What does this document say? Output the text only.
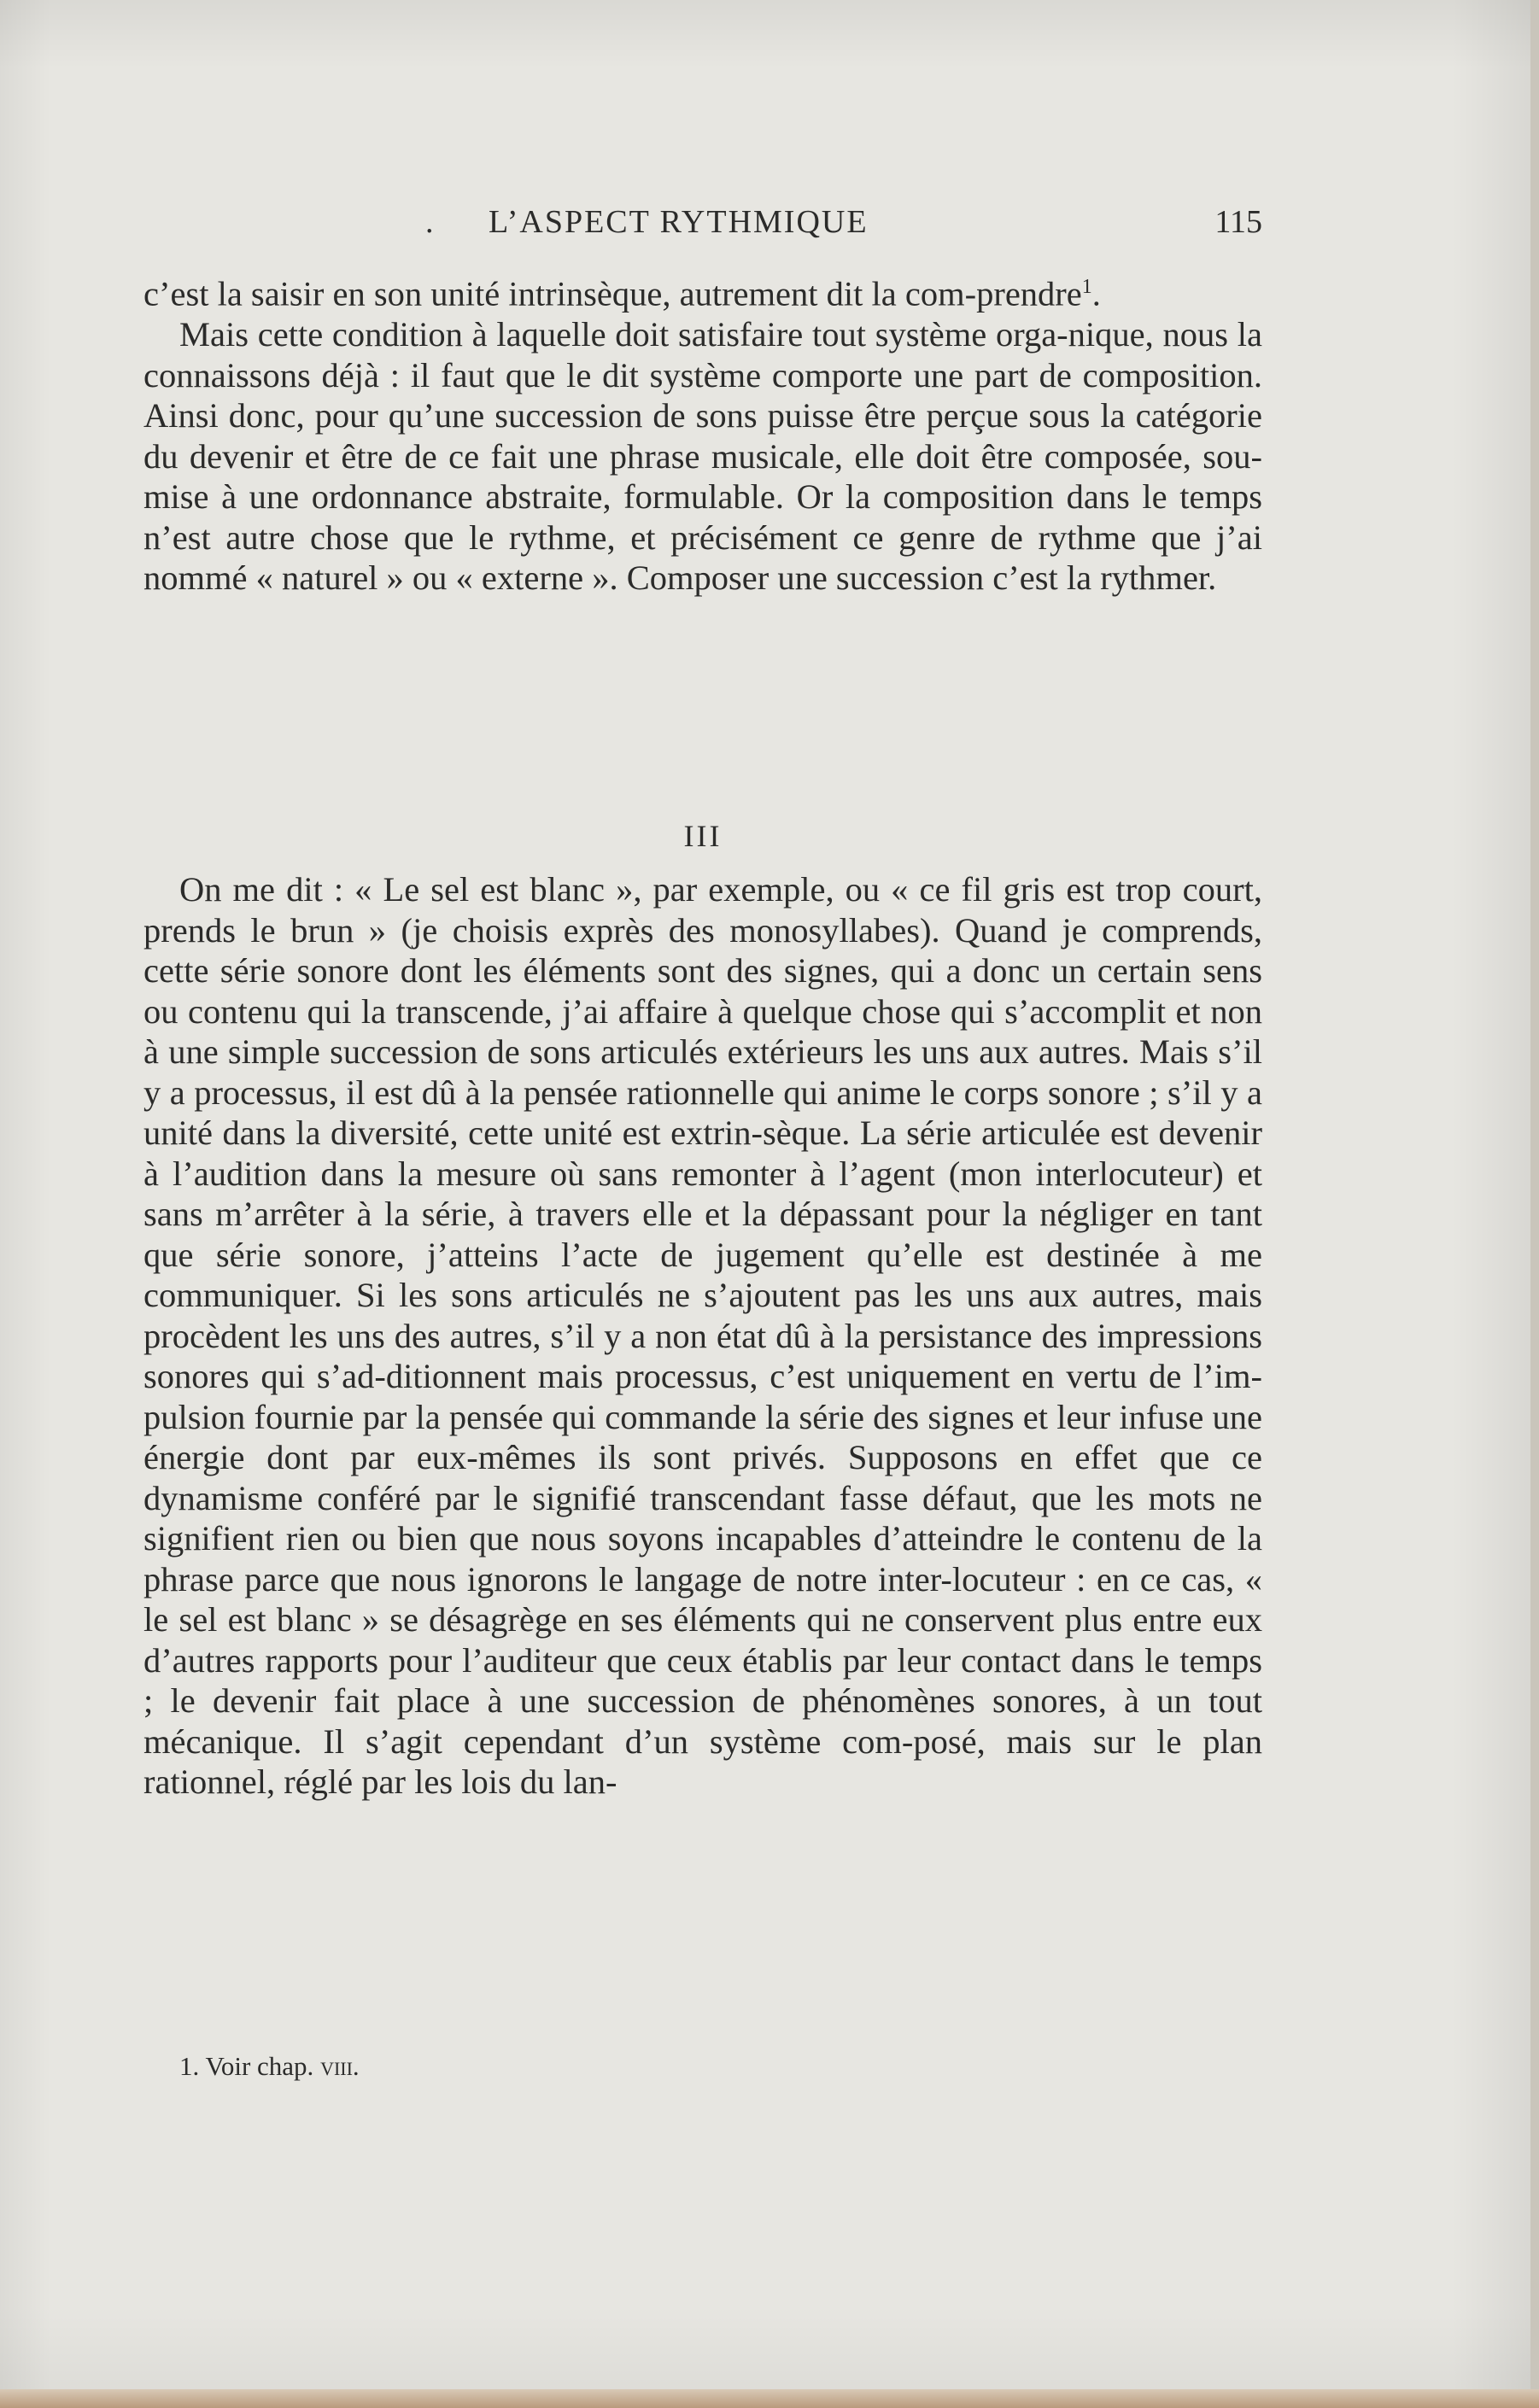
. L’ASPECT RYTHMIQUE	115

c’est la saisir en son unité intrinsèque, autrement dit la com-prendre$^1$.

Mais cette condition à laquelle doit satisfaire tout système orga-nique, nous la connaissons déjà : il faut que le dit système comporte une part de composition. Ainsi donc, pour qu’une succession de sons puisse être perçue sous la catégorie du devenir et être de ce fait une phrase musicale, elle doit être composée, sou-mise à une ordonnance abstraite, formulable. Or la composition dans le temps n’est autre chose que le rythme, et précisément ce genre de rythme que j’ai nommé « naturel » ou « externe ». Composer une succession c’est la rythmer.

III

On me dit : « Le sel est blanc », par exemple, ou « ce fil gris est trop court, prends le brun » (je choisis exprès des monosyllabes). Quand je comprends, cette série sonore dont les éléments sont des signes, qui a donc un certain sens ou contenu qui la transcende, j’ai affaire à quelque chose qui s’accomplit et non à une simple succession de sons articulés extérieurs les uns aux autres. Mais s’il y a processus, il est dû à la pensée rationnelle qui anime le corps sonore ; s’il y a unité dans la diversité, cette unité est extrin-sèque. La série articulée est devenir à l’audition dans la mesure où sans remonter à l’agent (mon interlocuteur) et sans m’arrêter à la série, à travers elle et la dépassant pour la négliger en tant que série sonore, j’atteins l’acte de jugement qu’elle est destinée à me communiquer. Si les sons articulés ne s’ajoutent pas les uns aux autres, mais procèdent les uns des autres, s’il y a non état dû à la persistance des impressions sonores qui s’ad-ditionnent mais processus, c’est uniquement en vertu de l’im-pulsion fournie par la pensée qui commande la série des signes et leur infuse une énergie dont par eux-mêmes ils sont privés. Supposons en effet que ce dynamisme conféré par le signifié transcendant fasse défaut, que les mots ne signifient rien ou bien que nous soyons incapables d’atteindre le contenu de la phrase parce que nous ignorons le langage de notre inter-locuteur : en ce cas, « le sel est blanc » se désagrège en ses éléments qui ne conservent plus entre eux d’autres rapports pour l’auditeur que ceux établis par leur contact dans le temps ; le devenir fait place à une succession de phénomènes sonores, à un tout mécanique. Il s’agit cependant d’un système com-posé, mais sur le plan rationnel, réglé par les lois du lan-

1. Voir chap. viii.
